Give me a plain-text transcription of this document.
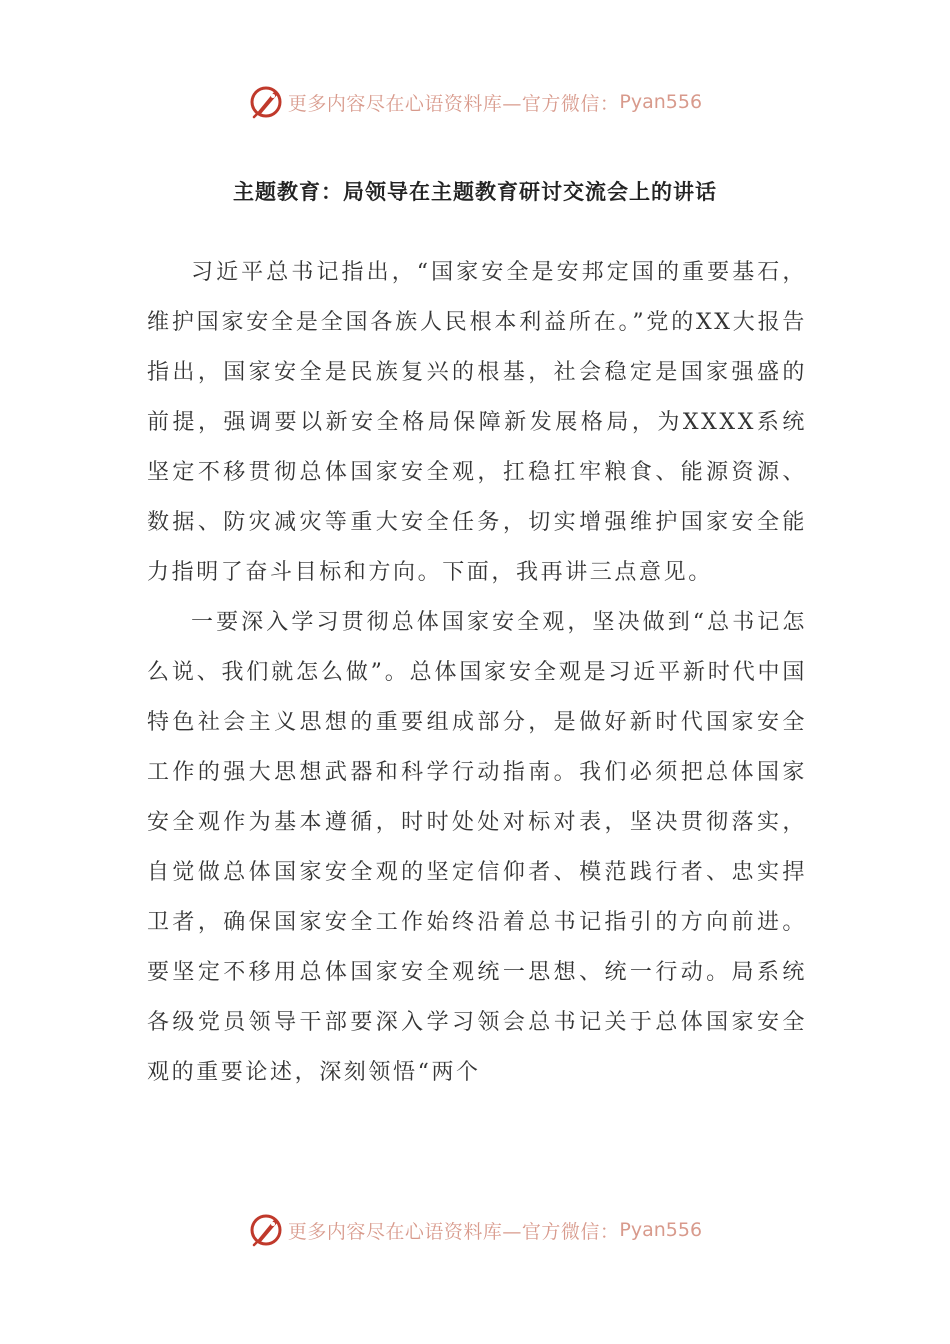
更多内容尽在心语资料库—官方微信： Pyan556
主题教育：局领导在主题教育研讨交流会上的讲话

习近平总书记指出，“国家安全是安邦定国的重要基石，维护国家安全是全国各族人民根本利益所在。”党的XX大报告指出，国家安全是民族复兴的根基，社会稳定是国家强盛的前提，强调要以新安全格局保障新发展格局，为XXXX系统坚定不移贯彻总体国家安全观，扛稳扛牢粮食、能源资源、数据、防灾减灾等重大安全任务，切实增强维护国家安全能力指明了奋斗目标和方向。下面，我再讲三点意见。

一要深入学习贯彻总体国家安全观，坚决做到“总书记怎么说、我们就怎么做”。总体国家安全观是习近平新时代中国特色社会主义思想的重要组成部分，是做好新时代国家安全工作的强大思想武器和科学行动指南。我们必须把总体国家安全观作为基本遵循，时时处处对标对表，坚决贯彻落实，自觉做总体国家安全观的坚定信仰者、模范践行者、忠实捍卫者，确保国家安全工作始终沿着总书记指引的方向前进。要坚定不移用总体国家安全观统一思想、统一行动。局系统各级党员领导干部要深入学习领会总书记关于总体国家安全观的重要论述，深刻领悟“两个

更多内容尽在心语资料库—官方微信： Pyan556
